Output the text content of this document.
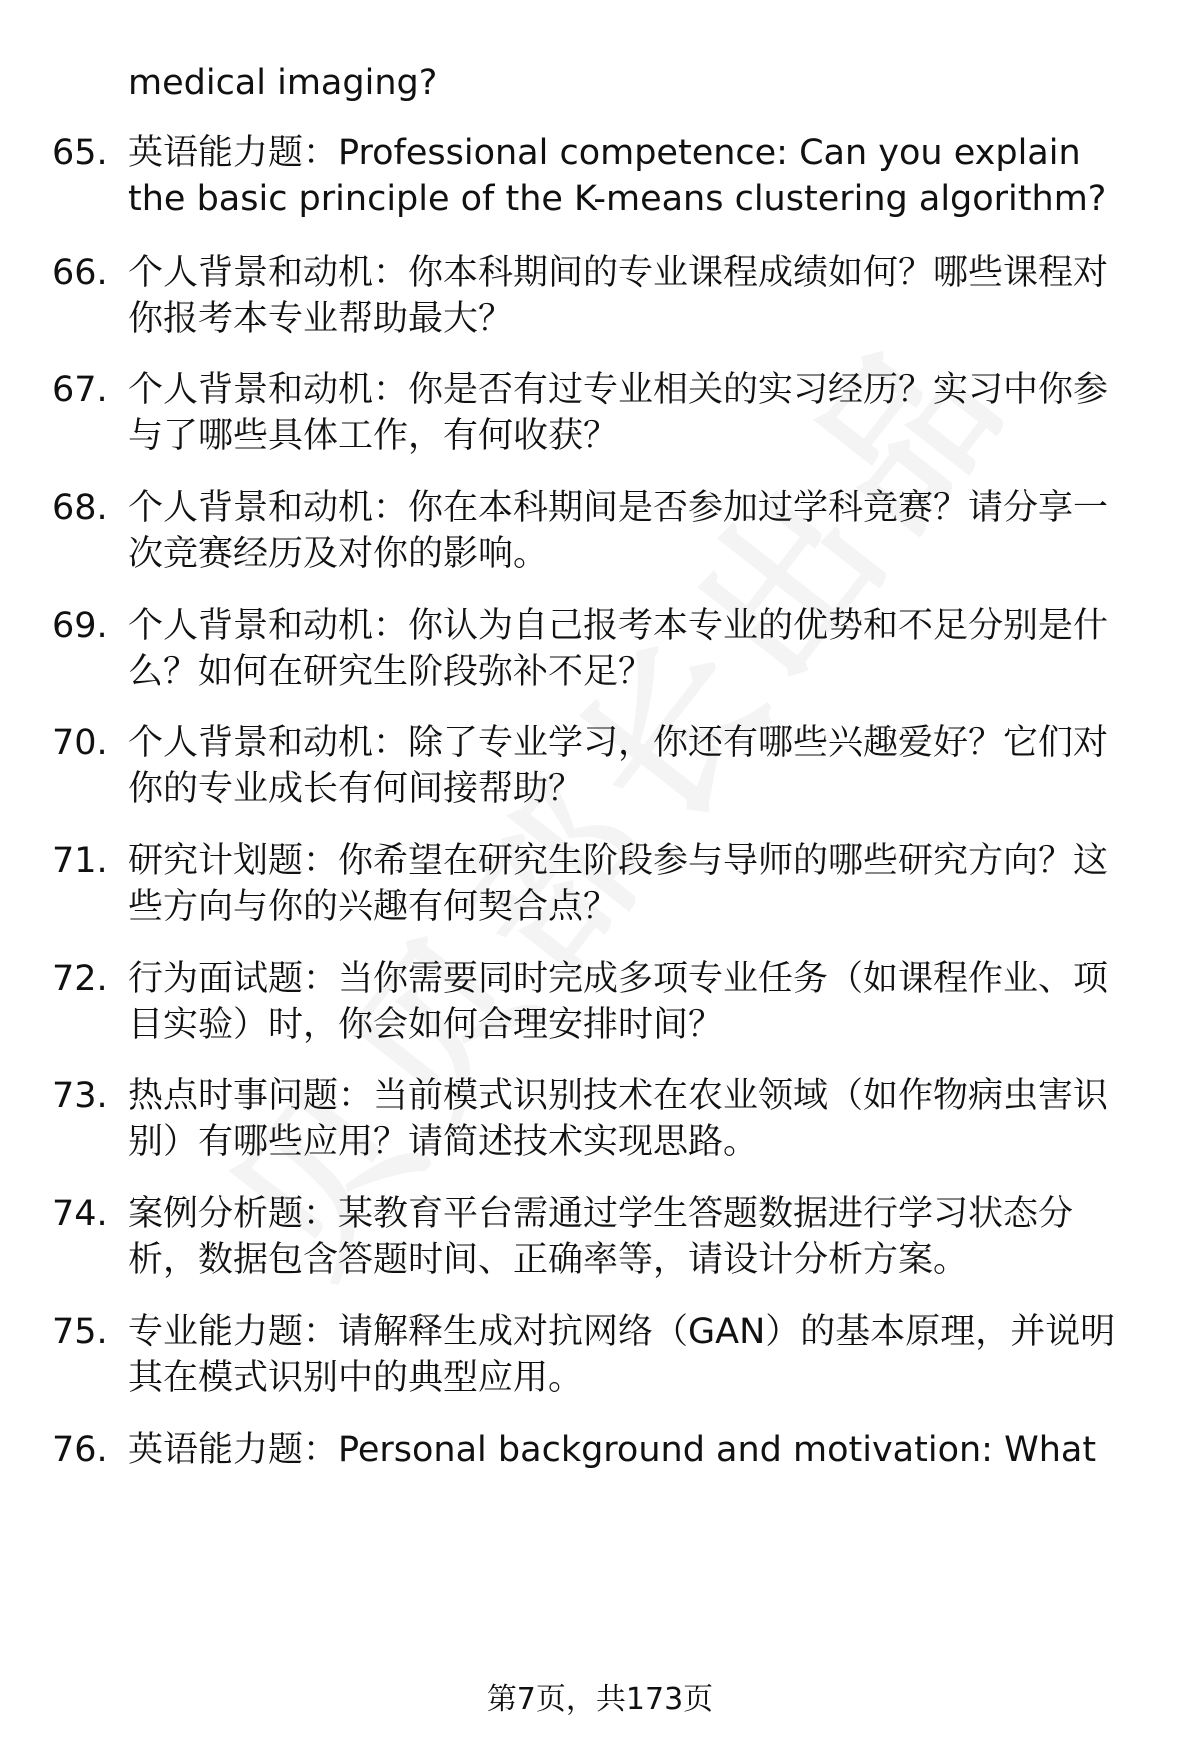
medical imaging?

65. 英语能力题：Professional competence: Can you explain the basic principle of the K-means clustering algorithm?

66. 个人背景和动机：你本科期间的专业课程成绩如何？哪些课程对你报考本专业帮助最大？

67. 个人背景和动机：你是否有过专业相关的实习经历？实习中你参与了哪些具体工作，有何收获？

68. 个人背景和动机：你在本科期间是否参加过学科竞赛？请分享一次竞赛经历及对你的影响。

69. 个人背景和动机：你认为自己报考本专业的优势和不足分别是什么？如何在研究生阶段弥补不足？

70. 个人背景和动机：除了专业学习，你还有哪些兴趣爱好？它们对你的专业成长有何间接帮助？

71. 研究计划题：你希望在研究生阶段参与导师的哪些研究方向？这些方向与你的兴趣有何契合点？

72. 行为面试题：当你需要同时完成多项专业任务（如课程作业、项目实验）时，你会如何合理安排时间？

73. 热点时事问题：当前模式识别技术在农业领域（如作物病虫害识别）有哪些应用？请简述技术实现思路。

74. 案例分析题：某教育平台需通过学生答题数据进行学习状态分析，数据包含答题时间、正确率等，请设计分析方案。

75. 专业能力题：请解释生成对抗网络（GAN）的基本原理，并说明其在模式识别中的典型应用。

76. 英语能力题：Personal background and motivation: What

第7页，共173页
